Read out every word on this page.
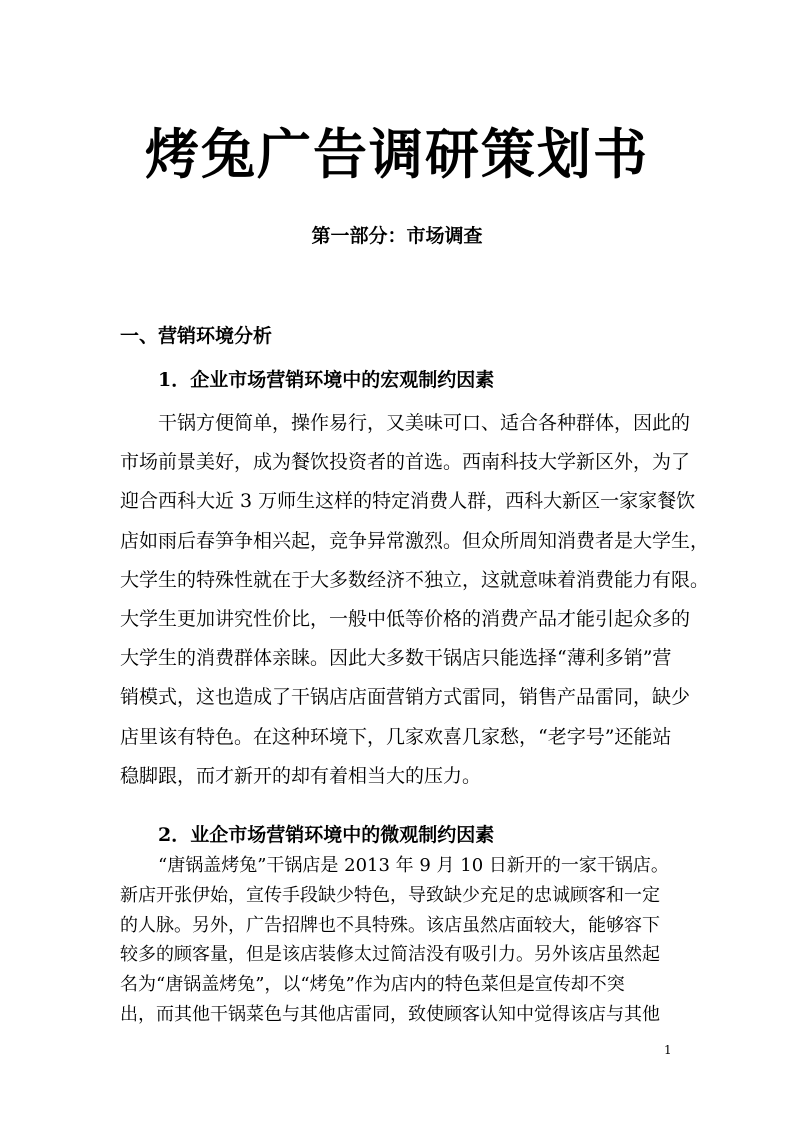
烤兔广告调研策划书
第一部分：市场调查
一、营销环境分析
1．企业市场营销环境中的宏观制约因素
干锅方便简单，操作易行，又美味可口、适合各种群体，因此的
市场前景美好，成为餐饮投资者的首选。西南科技大学新区外，为了
迎合西科大近 3 万师生这样的特定消费人群，西科大新区一家家餐饮
店如雨后春笋争相兴起，竞争异常激烈。但众所周知消费者是大学生，
大学生的特殊性就在于大多数经济不独立，这就意味着消费能力有限。
大学生更加讲究性价比，一般中低等价格的消费产品才能引起众多的
大学生的消费群体亲睐。因此大多数干锅店只能选择“薄利多销”营
销模式，这也造成了干锅店店面营销方式雷同，销售产品雷同，缺少
店里该有特色。在这种环境下，几家欢喜几家愁，“老字号”还能站
稳脚跟，而才新开的却有着相当大的压力。
2．业企市场营销环境中的微观制约因素
“唐锅盖烤兔”干锅店是 2013 年 9 月 10 日新开的一家干锅店。
新店开张伊始，宣传手段缺少特色，导致缺少充足的忠诚顾客和一定
的人脉。另外，广告招牌也不具特殊。该店虽然店面较大，能够容下
较多的顾客量，但是该店装修太过简洁没有吸引力。另外该店虽然起
名为“唐锅盖烤兔”，以“烤兔”作为店内的特色菜但是宣传却不突
出，而其他干锅菜色与其他店雷同，致使顾客认知中觉得该店与其他
1
